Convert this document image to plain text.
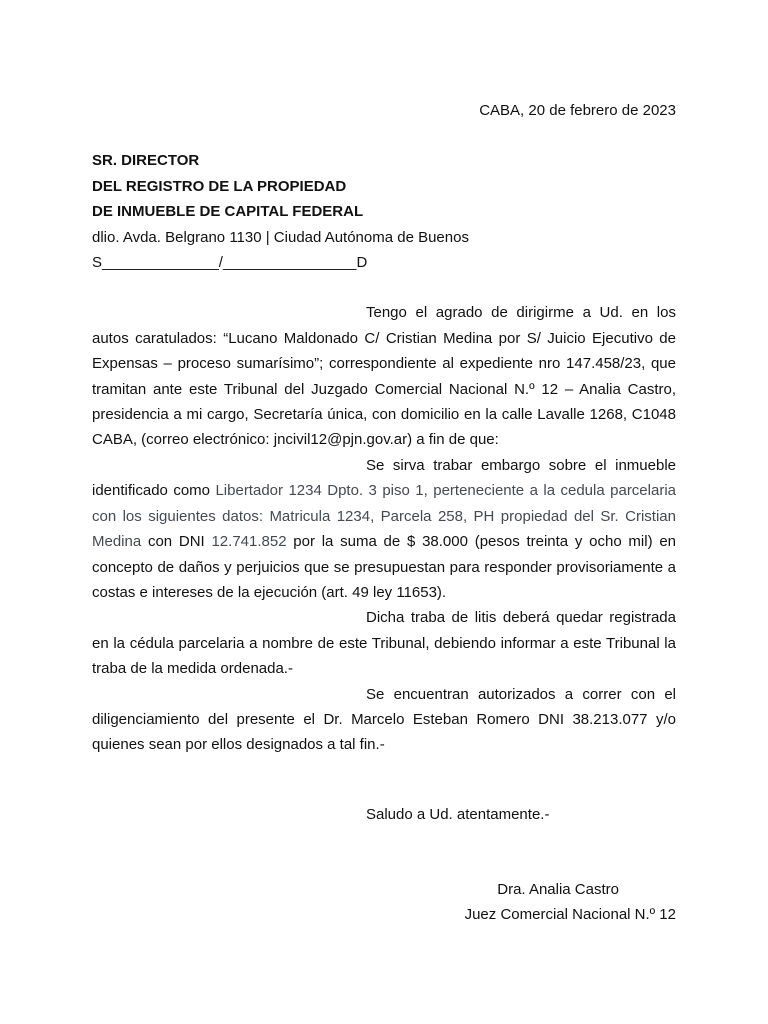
CABA, 20 de febrero de 2023

SR. DIRECTOR

DEL REGISTRO DE LA PROPIEDAD

DE INMUEBLE DE CAPITAL FEDERAL

dlio. Avda. Belgrano 1130 | Ciudad Autónoma de Buenos

S______________/________________D

Tengo el agrado de dirigirme a Ud. en los autos caratulados: “Lucano Maldonado C/ Cristian Medina por S/ Juicio Ejecutivo de Expensas – proceso sumarísimo”; correspondiente al expediente nro 147.458/23, que tramitan ante este Tribunal del Juzgado Comercial Nacional N.º 12 – Analia Castro, presidencia a mi cargo, Secretaría única, con domicilio en la calle Lavalle 1268, C1048 CABA, (correo electrónico: jncivil12@pjn.gov.ar) a fin de que:

Se sirva trabar embargo sobre el inmueble identificado como Libertador 1234 Dpto. 3 piso 1, perteneciente a la cedula parcelaria con los siguientes datos: Matricula 1234, Parcela 258, PH propiedad del Sr. Cristian Medina con DNI 12.741.852 por la suma de $ 38.000 (pesos treinta y ocho mil) en concepto de daños y perjuicios que se presupuestan para responder provisoriamente a costas e intereses de la ejecución (art. 49 ley 11653).

Dicha traba de litis deberá quedar registrada en la cédula parcelaria a nombre de este Tribunal, debiendo informar a este Tribunal la traba de la medida ordenada.-

Se encuentran autorizados a correr con el diligenciamiento del presente el Dr. Marcelo Esteban Romero DNI 38.213.077 y/o quienes sean por ellos designados a tal fin.-

Saludo a Ud. atentamente.-

Dra. Analia Castro

Juez Comercial Nacional N.º 12
